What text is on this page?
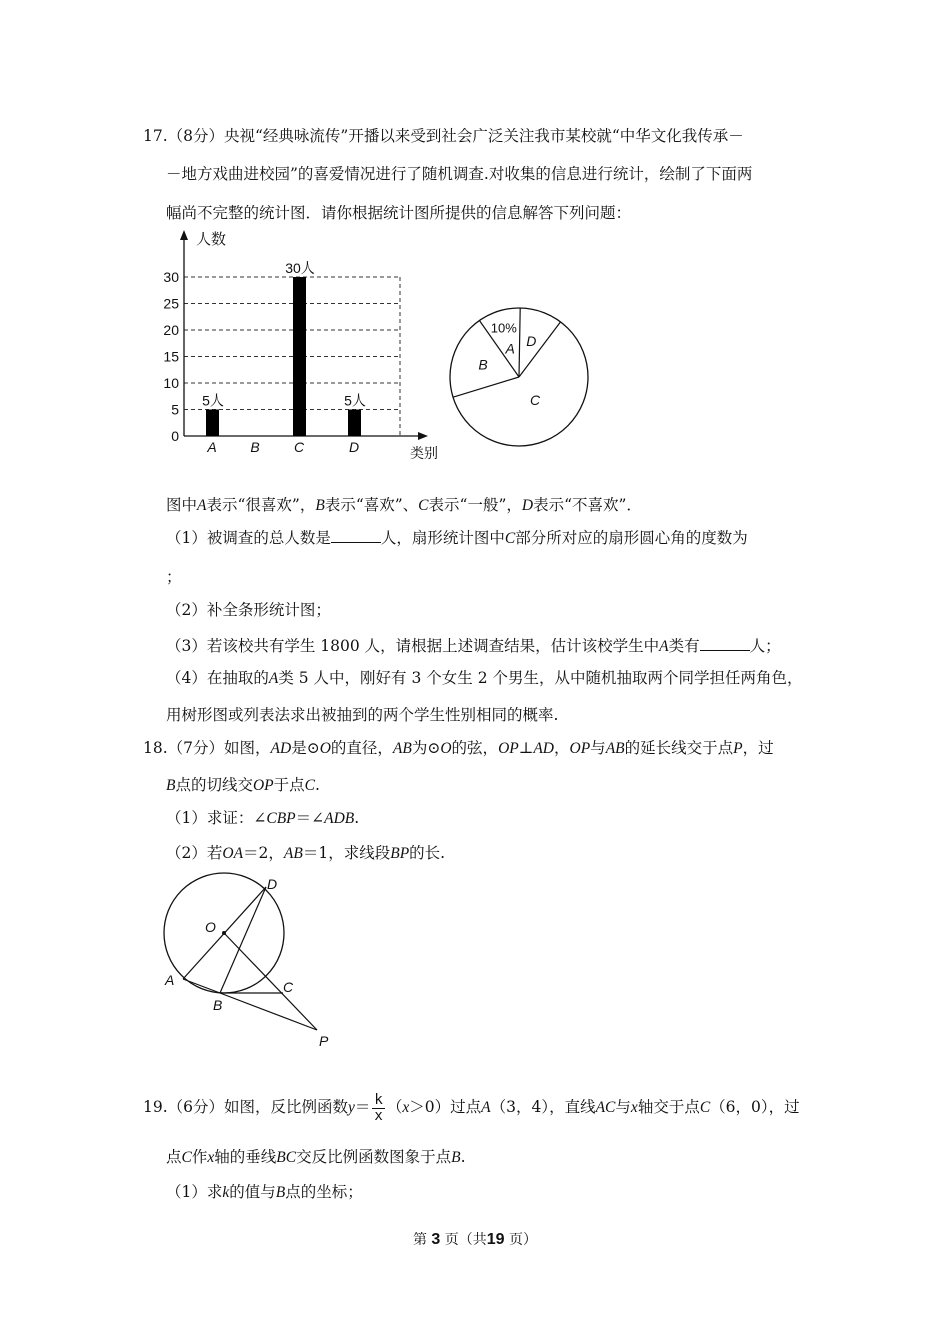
17.（8分）央视“经典咏流传”开播以来受到社会广泛关注我市某校就“中华文化我传承－
－地方戏曲进校园”的喜爱情况进行了随机调查.对收集的信息进行统计，绘制了下面两
幅尚不完整的统计图．请你根据统计图所提供的信息解答下列问题：
0
5
10
15
20
25
30
5人
A B
30人
C
5人
D
人数
类别
A
10%
B
C
D
图中A表示“很喜欢”，B表示“喜欢”、C表示“一般”，D表示“不喜欢”．
（1）被调查的总人数是	人，扇形统计图中C部分所对应的扇形圆心角的度数为
；
（2）补全条形统计图；
（3）若该校共有学生 1800 人，请根据上述调查结果，估计该校学生中A类有	人；
（4）在抽取的A类 5 人中，刚好有 3 个女生 2 个男生，从中随机抽取两个同学担任两角色，
用树形图或列表法求出被抽到的两个学生性别相同的概率.
18.（7分）如图，AD是⊙O的直径，AB为⊙O的弦，OP⊥AD，OP与AB的延长线交于点P，过
B点的切线交OP于点C.
（1）求证：∠CBP＝∠ADB.
（2）若OA＝2，AB＝1，求线段BP的长.
D
O
A
B
C
P
19.（6分）如图，反比例函数$y= \frac{k}{x} (x>0)$过点A（3，4），直线AC与x轴交于点C（6，0），过
点C作x轴的垂线BC交反比例函数图象于点B.
（1）求k的值与B点的坐标；
第 3 页（共19 页）
